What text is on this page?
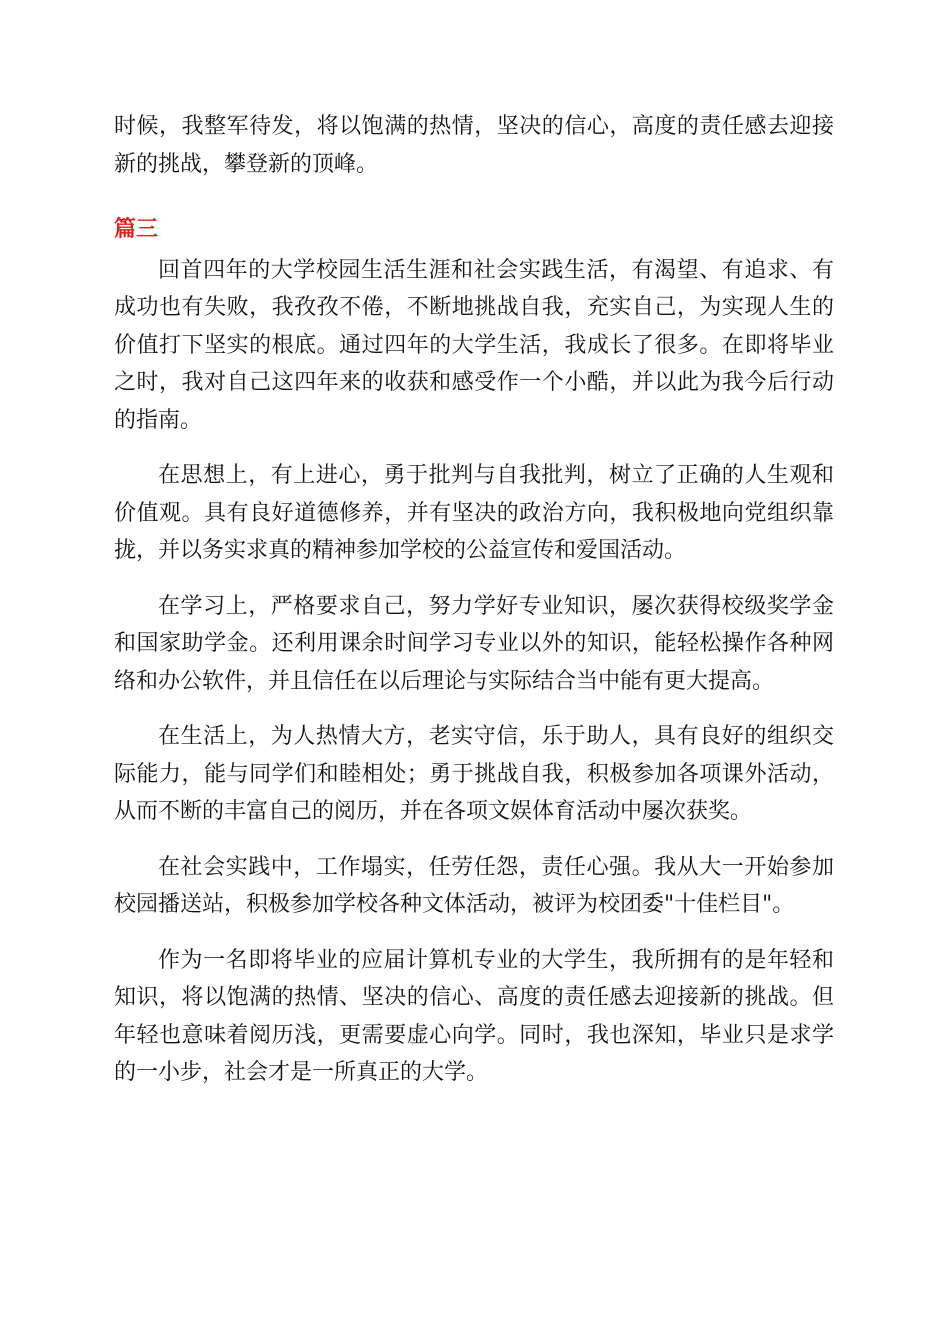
时候，我整军待发，将以饱满的热情，坚决的信心，高度的责任感去迎接新的挑战，攀登新的顶峰。

篇三

回首四年的大学校园生活生涯和社会实践生活，有渴望、有追求、有成功也有失败，我孜孜不倦，不断地挑战自我，充实自己，为实现人生的价值打下坚实的根底。通过四年的大学生活，我成长了很多。在即将毕业之时，我对自己这四年来的收获和感受作一个小酷，并以此为我今后行动的指南。

在思想上，有上进心，勇于批判与自我批判，树立了正确的人生观和价值观。具有良好道德修养，并有坚决的政治方向，我积极地向党组织靠拢，并以务实求真的精神参加学校的公益宣传和爱国活动。

在学习上，严格要求自己，努力学好专业知识，屡次获得校级奖学金和国家助学金。还利用课余时间学习专业以外的知识，能轻松操作各种网络和办公软件，并且信任在以后理论与实际结合当中能有更大提高。

在生活上，为人热情大方，老实守信，乐于助人，具有良好的组织交际能力，能与同学们和睦相处；勇于挑战自我，积极参加各项课外活动，从而不断的丰富自己的阅历，并在各项文娱体育活动中屡次获奖。

在社会实践中，工作塌实，任劳任怨，责任心强。我从大一开始参加校园播送站，积极参加学校各种文体活动，被评为校团委"十佳栏目"。

作为一名即将毕业的应届计算机专业的大学生，我所拥有的是年轻和知识，将以饱满的热情、坚决的信心、高度的责任感去迎接新的挑战。但年轻也意味着阅历浅，更需要虚心向学。同时，我也深知，毕业只是求学的一小步，社会才是一所真正的大学。
